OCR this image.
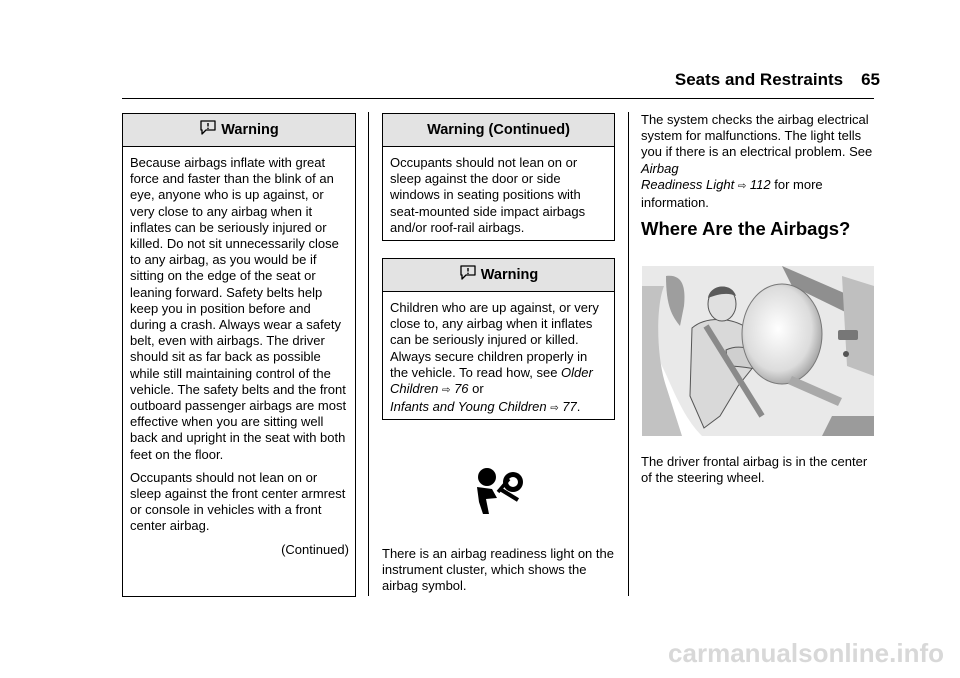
Seats and Restraints 65
Warning

Because airbags inflate with great force and faster than the blink of an eye, anyone who is up against, or very close to any airbag when it inflates can be seriously injured or killed. Do not sit unnecessarily close to any airbag, as you would be if sitting on the edge of the seat or leaning forward. Safety belts help keep you in position before and during a crash. Always wear a safety belt, even with airbags. The driver should sit as far back as possible while still maintaining control of the vehicle. The safety belts and the front outboard passenger airbags are most effective when you are sitting well back and upright in the seat with both feet on the floor.

Occupants should not lean on or sleep against the front center armrest or console in vehicles with a front center airbag.

(Continued)

Warning (Continued)

Occupants should not lean on or sleep against the door or side windows in seating positions with seat-mounted side impact airbags and/or roof-rail airbags.

Warning

Children who are up against, or very close to, any airbag when it inflates can be seriously injured or killed. Always secure children properly in the vehicle. To read how, see Older Children ⇨ 76 or
Infants and Young Children ⇨ 77.

There is an airbag readiness light on the instrument cluster, which shows the airbag symbol.

The system checks the airbag electrical system for malfunctions. The light tells you if there is an electrical problem. See Airbag
Readiness Light ⇨ 112 for more information.

Where Are the Airbags?

The driver frontal airbag is in the center of the steering wheel.

carmanualsonline.info
